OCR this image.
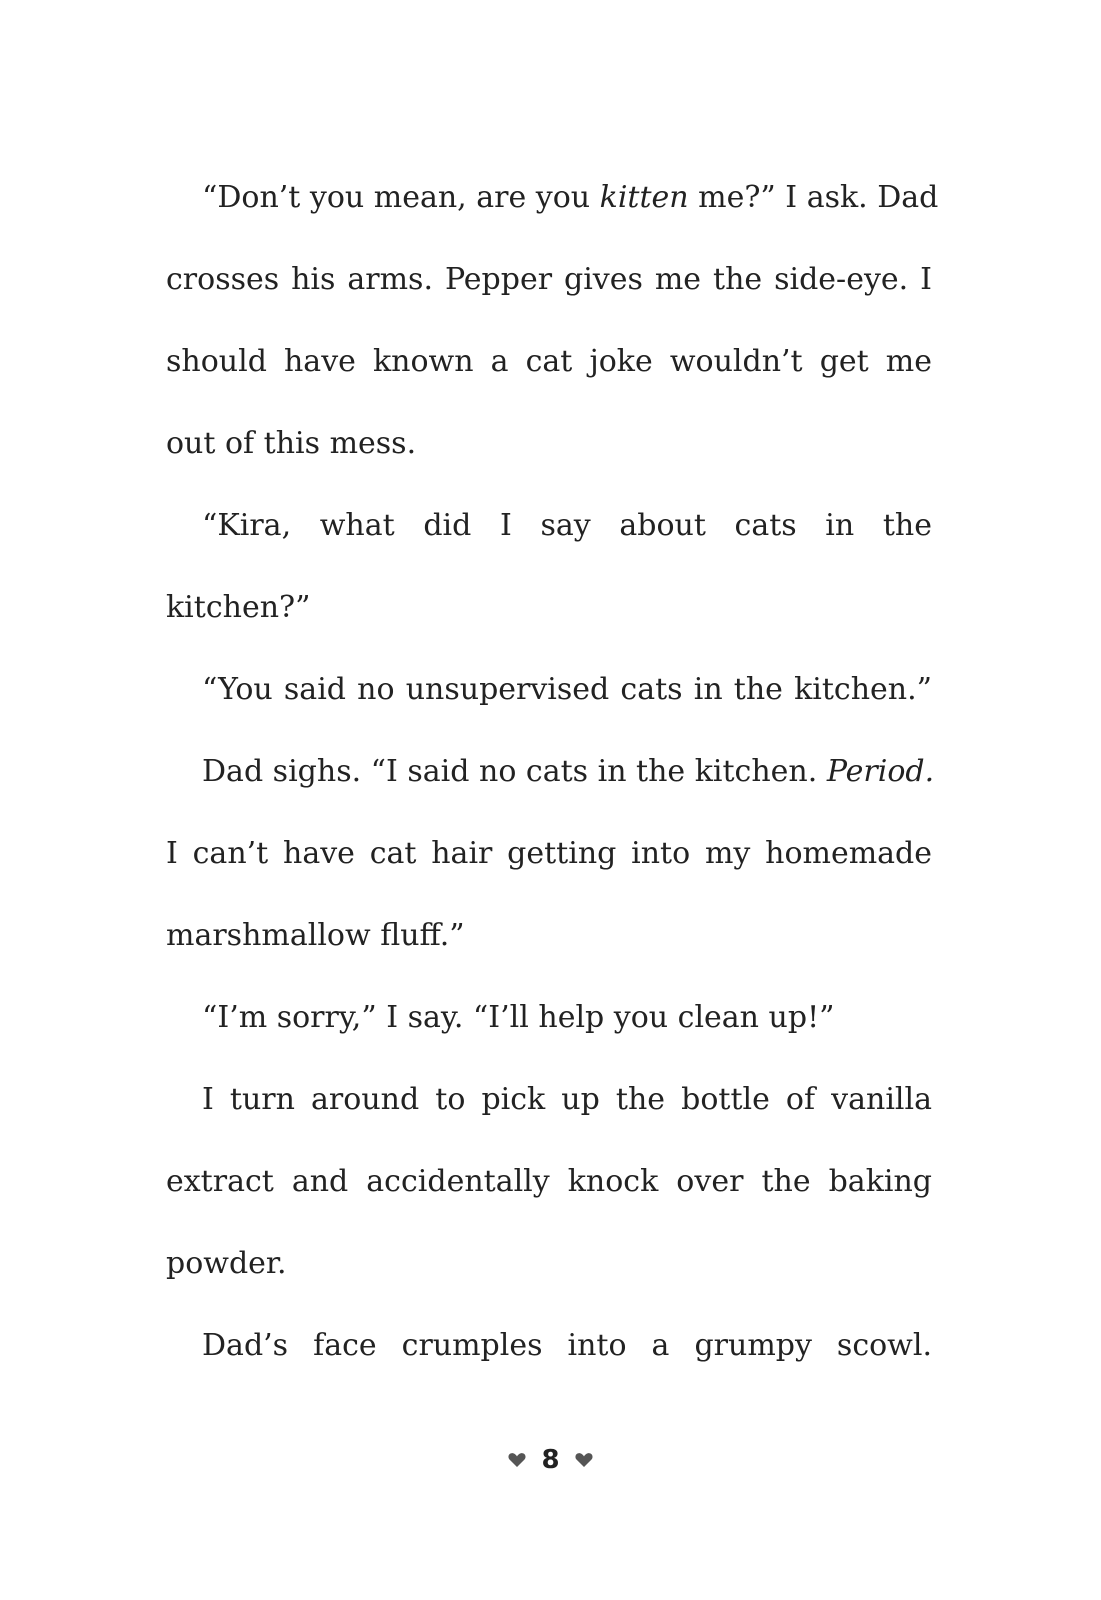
“Don’t you mean, are you kitten me?” I ask. Dad
crosses his arms. Pepper gives me the side-eye. I
should have known a cat joke wouldn’t get me
out of this mess.
“Kira, what did I say about cats in the
kitchen?”
“You said no unsupervised cats in the kitchen.”
Dad sighs. “I said no cats in the kitchen. Period.
I can’t have cat hair getting into my homemade
marshmallow fluff.”
“I’m sorry,” I say. “I’ll help you clean up!”
I turn around to pick up the bottle of vanilla
extract and accidentally knock over the baking
powder.
Dad’s face crumples into a grumpy scowl.
8
